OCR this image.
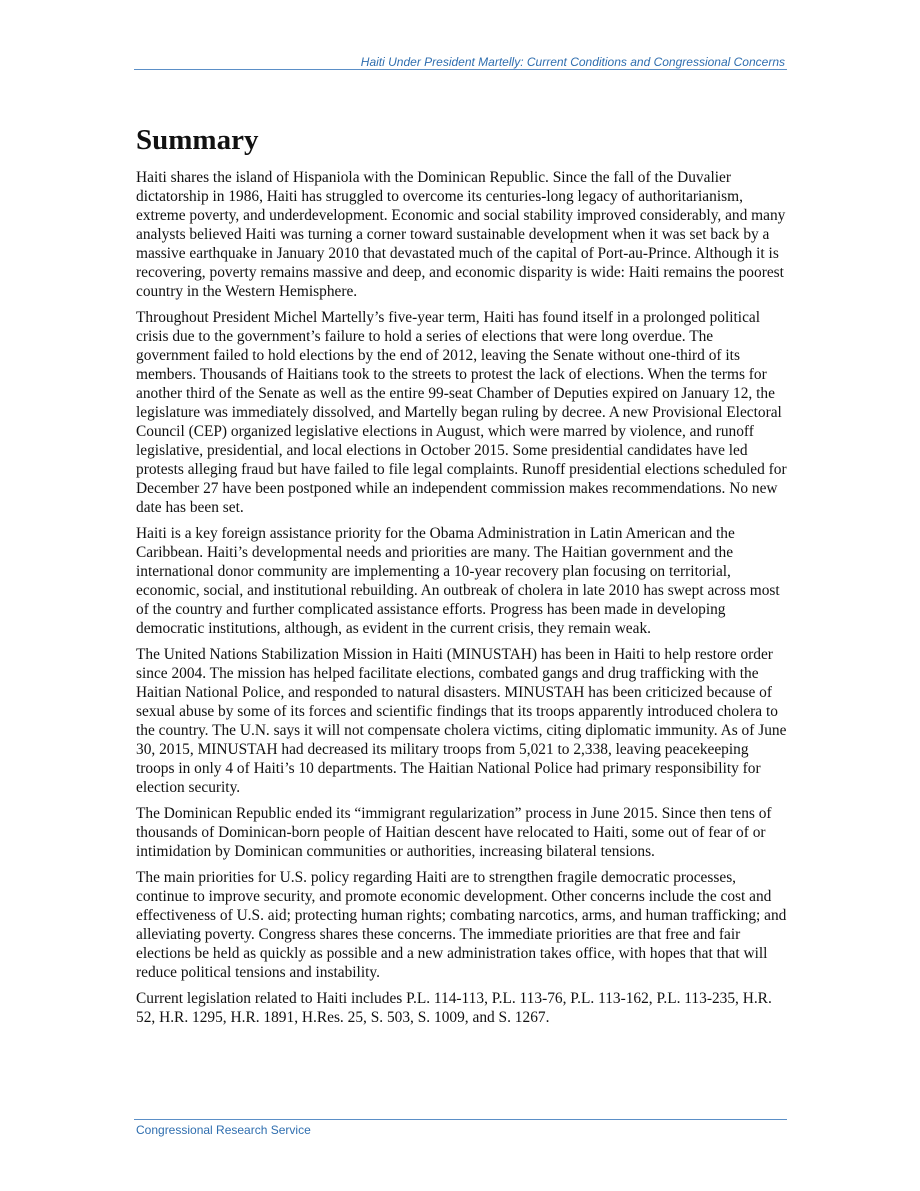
Haiti Under President Martelly: Current Conditions and Congressional Concerns
Summary

Haiti shares the island of Hispaniola with the Dominican Republic. Since the fall of the Duvalier dictatorship in 1986, Haiti has struggled to overcome its centuries-long legacy of authoritarianism, extreme poverty, and underdevelopment. Economic and social stability improved considerably, and many analysts believed Haiti was turning a corner toward sustainable development when it was set back by a massive earthquake in January 2010 that devastated much of the capital of Port-au-Prince. Although it is recovering, poverty remains massive and deep, and economic disparity is wide: Haiti remains the poorest country in the Western Hemisphere.

Throughout President Michel Martelly’s five-year term, Haiti has found itself in a prolonged political crisis due to the government’s failure to hold a series of elections that were long overdue. The government failed to hold elections by the end of 2012, leaving the Senate without one-third of its members. Thousands of Haitians took to the streets to protest the lack of elections. When the terms for another third of the Senate as well as the entire 99-seat Chamber of Deputies expired on January 12, the legislature was immediately dissolved, and Martelly began ruling by decree. A new Provisional Electoral Council (CEP) organized legislative elections in August, which were marred by violence, and runoff legislative, presidential, and local elections in October 2015. Some presidential candidates have led protests alleging fraud but have failed to file legal complaints. Runoff presidential elections scheduled for December 27 have been postponed while an independent commission makes recommendations. No new date has been set.

Haiti is a key foreign assistance priority for the Obama Administration in Latin American and the Caribbean. Haiti’s developmental needs and priorities are many. The Haitian government and the international donor community are implementing a 10-year recovery plan focusing on territorial, economic, social, and institutional rebuilding. An outbreak of cholera in late 2010 has swept across most of the country and further complicated assistance efforts. Progress has been made in developing democratic institutions, although, as evident in the current crisis, they remain weak.

The United Nations Stabilization Mission in Haiti (MINUSTAH) has been in Haiti to help restore order since 2004. The mission has helped facilitate elections, combated gangs and drug trafficking with the Haitian National Police, and responded to natural disasters. MINUSTAH has been criticized because of sexual abuse by some of its forces and scientific findings that its troops apparently introduced cholera to the country. The U.N. says it will not compensate cholera victims, citing diplomatic immunity. As of June 30, 2015, MINUSTAH had decreased its military troops from 5,021 to 2,338, leaving peacekeeping troops in only 4 of Haiti’s 10 departments. The Haitian National Police had primary responsibility for election security.

The Dominican Republic ended its “immigrant regularization” process in June 2015. Since then tens of thousands of Dominican-born people of Haitian descent have relocated to Haiti, some out of fear of or intimidation by Dominican communities or authorities, increasing bilateral tensions.

The main priorities for U.S. policy regarding Haiti are to strengthen fragile democratic processes, continue to improve security, and promote economic development. Other concerns include the cost and effectiveness of U.S. aid; protecting human rights; combating narcotics, arms, and human trafficking; and alleviating poverty. Congress shares these concerns. The immediate priorities are that free and fair elections be held as quickly as possible and a new administration takes office, with hopes that that will reduce political tensions and instability.

Current legislation related to Haiti includes P.L. 114-113, P.L. 113-76, P.L. 113-162, P.L. 113-235, H.R. 52, H.R. 1295, H.R. 1891, H.Res. 25, S. 503, S. 1009, and S. 1267.

Congressional Research Service
